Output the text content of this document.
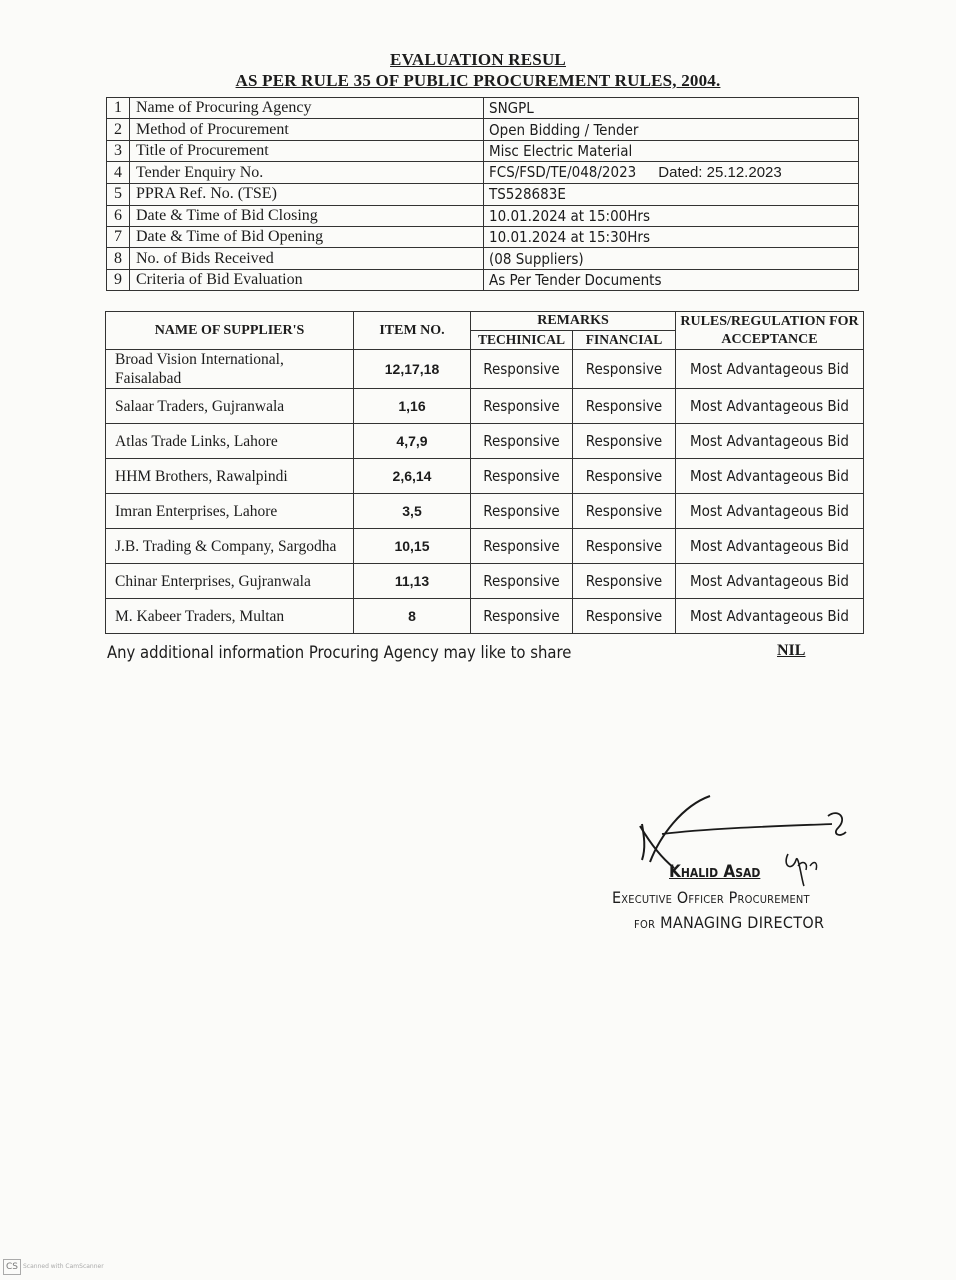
EVALUATION RESUL
AS PER RULE 35 OF PUBLIC PROCUREMENT RULES, 2004.
1	Name of Procuring Agency	SNGPL
2	Method of Procurement	Open Bidding / Tender
3	Title of Procurement	Misc Electric Material
4	Tender Enquiry No.	FCS/FSD/TE/048/2023 Dated: 25.12.2023
5	PPRA Ref. No. (TSE)	TS528683E
6	Date & Time of Bid Closing	10.01.2024 at 15:00Hrs
7	Date & Time of Bid Opening	10.01.2024 at 15:30Hrs
8	No. of Bids Received	(08 Suppliers)
9	Criteria of Bid Evaluation	As Per Tender Documents
NAME OF SUPPLIER'S	ITEM NO.	REMARKS		RULES/REGULATION FOR ACCEPTANCE
		TECHINICAL	FINANCIAL	
Broad Vision International, Faisalabad	12,17,18	Responsive	Responsive	Most Advantageous Bid
Salaar Traders, Gujranwala	1,16	Responsive	Responsive	Most Advantageous Bid
Atlas Trade Links, Lahore	4,7,9	Responsive	Responsive	Most Advantageous Bid
HHM Brothers, Rawalpindi	2,6,14	Responsive	Responsive	Most Advantageous Bid
Imran Enterprises, Lahore	3,5	Responsive	Responsive	Most Advantageous Bid
J.B. Trading & Company, Sargodha	10,15	Responsive	Responsive	Most Advantageous Bid
Chinar Enterprises, Gujranwala	11,13	Responsive	Responsive	Most Advantageous Bid
M. Kabeer Traders, Multan	8	Responsive	Responsive	Most Advantageous Bid
Any additional information Procuring Agency may like to share	NIL
Khalid Asad
Executive Officer Procurement
for MANAGING DIRECTOR
CS Scanned with CamScanner
